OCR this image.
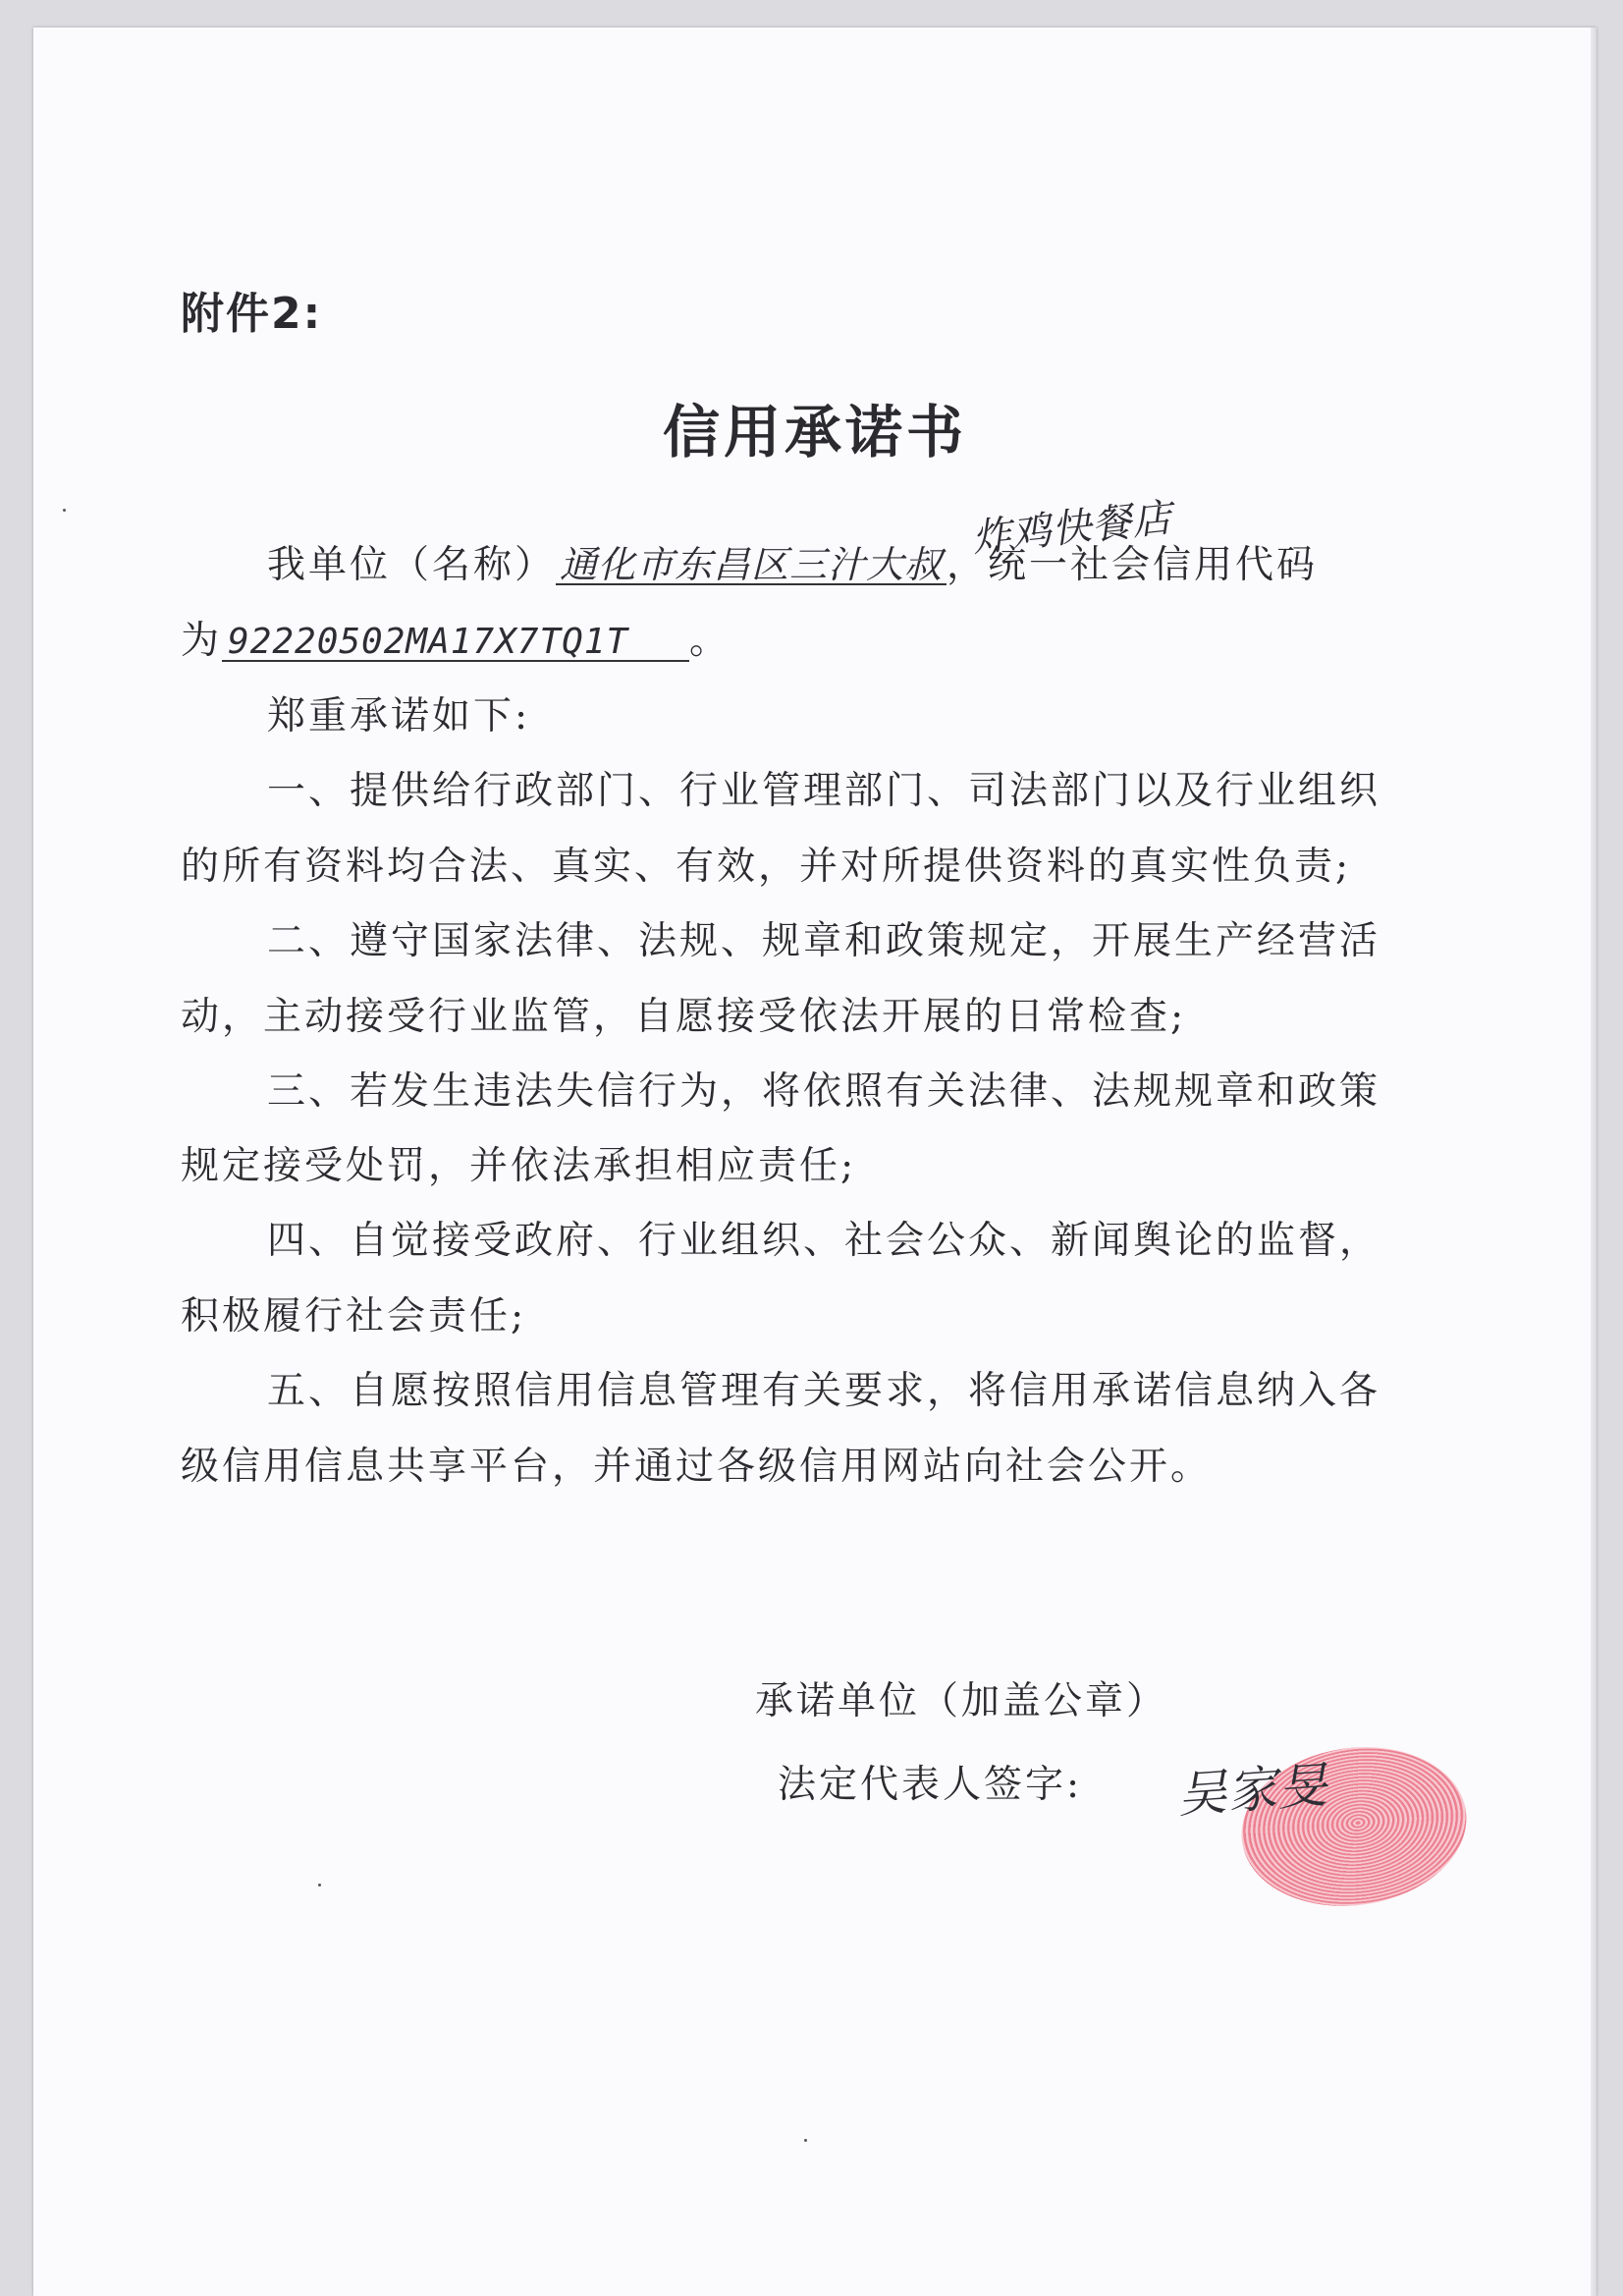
附件2:
信用承诺书
我单位（名称） 通化市东昌区三汁大叔 ，统一社会信用代码
炸鸡快餐店
为 92220502MA17X7TQ1T 。
郑重承诺如下:
一、提供给行政部门、行业管理部门、司法部门以及行业组织
的所有资料均合法、真实、有效，并对所提供资料的真实性负责;
二、遵守国家法律、法规、规章和政策规定，开展生产经营活
动，主动接受行业监管，自愿接受依法开展的日常检查;
三、若发生违法失信行为，将依照有关法律、法规规章和政策
规定接受处罚，并依法承担相应责任;
四、自觉接受政府、行业组织、社会公众、新闻舆论的监督，
积极履行社会责任;
五、自愿按照信用信息管理有关要求，将信用承诺信息纳入各
级信用信息共享平台，并通过各级信用网站向社会公开。
承诺单位（加盖公章）
法定代表人签字: 吴家旻
